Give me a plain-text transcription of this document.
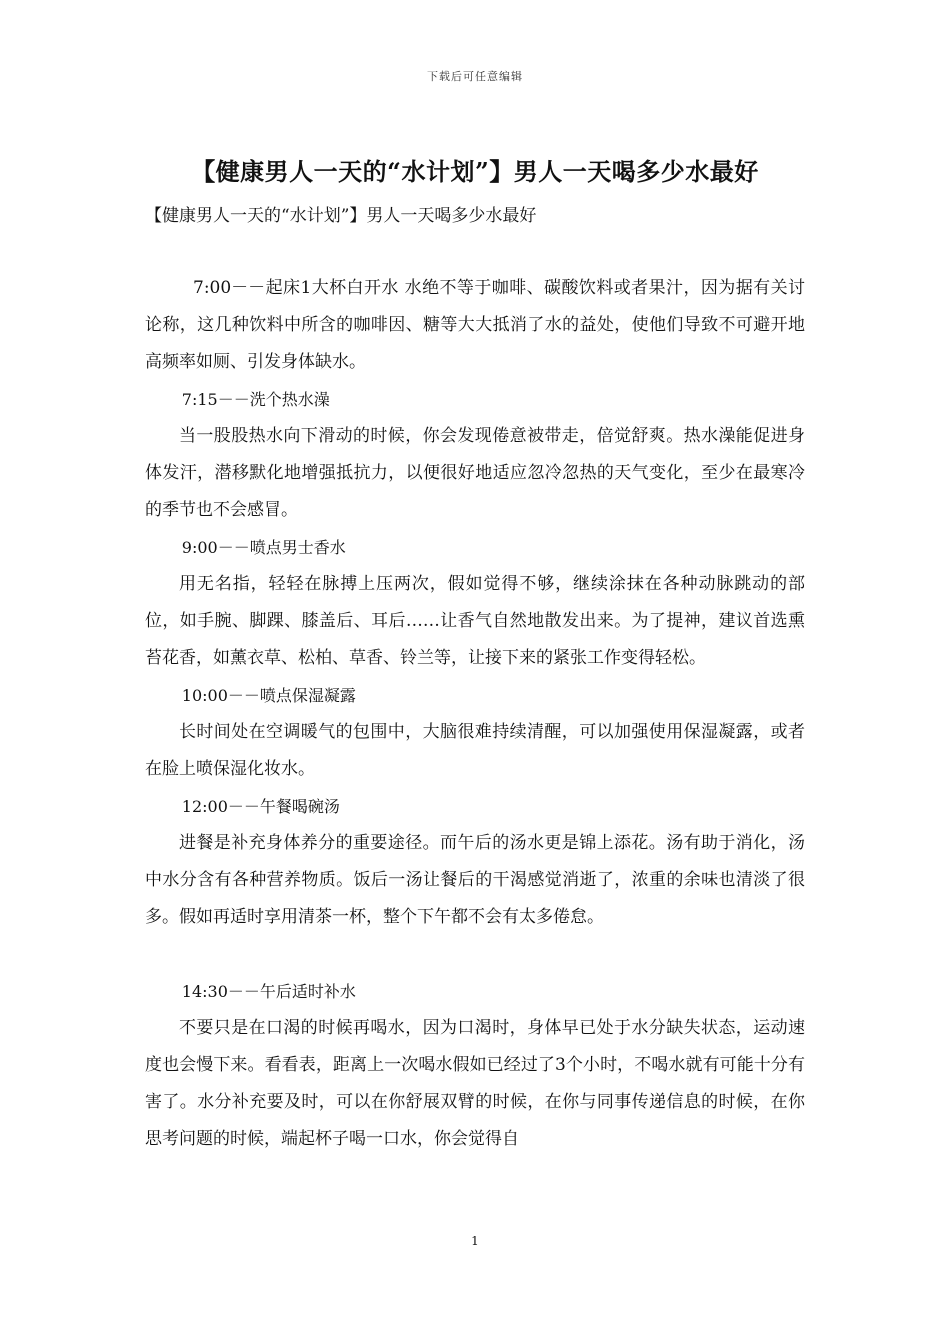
下载后可任意编辑
【健康男人一天的“水计划”】男人一天喝多少水最好

【健康男人一天的“水计划”】男人一天喝多少水最好

7:00－－起床1大杯白开水 水绝不等于咖啡、碳酸饮料或者果汁，因为据有关讨论称，这几种饮料中所含的咖啡因、糖等大大抵消了水的益处，使他们导致不可避开地高频率如厕、引发身体缺水。

7:15－－洗个热水澡

当一股股热水向下滑动的时候，你会发现倦意被带走，倍觉舒爽。热水澡能促进身体发汗，潜移默化地增强抵抗力，以便很好地适应忽冷忽热的天气变化，至少在最寒冷的季节也不会感冒。

9:00－－喷点男士香水

用无名指，轻轻在脉搏上压两次，假如觉得不够，继续涂抹在各种动脉跳动的部位，如手腕、脚踝、膝盖后、耳后……让香气自然地散发出来。为了提神，建议首选熏苔花香，如薰衣草、松柏、草香、铃兰等，让接下来的紧张工作变得轻松。

10:00－－喷点保湿凝露

长时间处在空调暖气的包围中，大脑很难持续清醒，可以加强使用保湿凝露，或者在脸上喷保湿化妆水。

12:00－－午餐喝碗汤

进餐是补充身体养分的重要途径。而午后的汤水更是锦上添花。汤有助于消化，汤中水分含有各种营养物质。饭后一汤让餐后的干渴感觉消逝了，浓重的余味也清淡了很多。假如再适时享用清茶一杯，整个下午都不会有太多倦怠。

14:30－－午后适时补水

不要只是在口渴的时候再喝水，因为口渴时，身体早已处于水分缺失状态，运动速度也会慢下来。看看表，距离上一次喝水假如已经过了3个小时，不喝水就有可能十分有害了。水分补充要及时，可以在你舒展双臂的时候，在你与同事传递信息的时候，在你思考问题的时候，端起杯子喝一口水，你会觉得自

1
